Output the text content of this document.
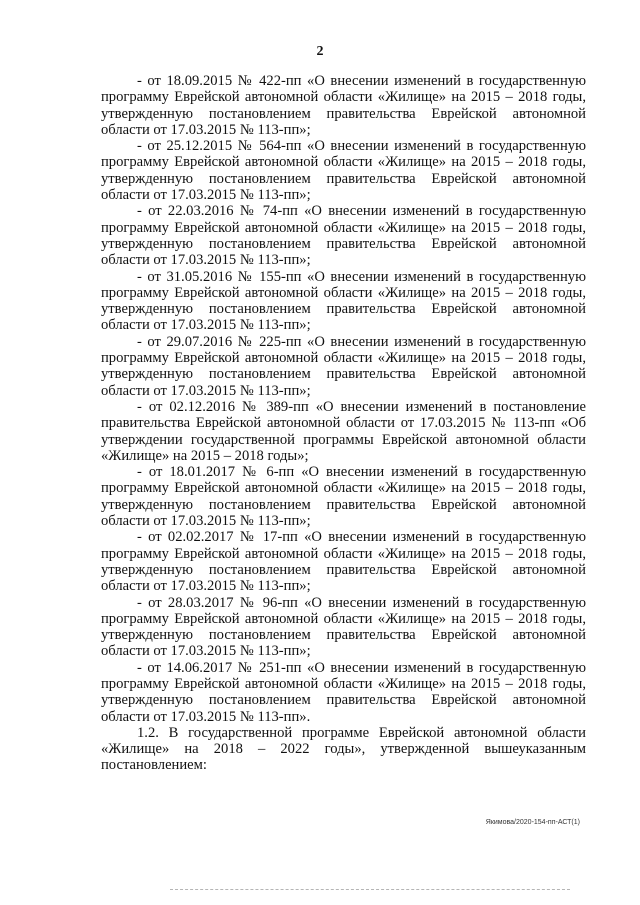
2

- от 18.09.2015 № 422-пп «О внесении изменений в государственную программу Еврейской автономной области «Жилище» на 2015 – 2018 годы, утвержденную постановлением правительства Еврейской автономной области от 17.03.2015 № 113-пп»;

- от 25.12.2015 № 564-пп «О внесении изменений в государственную программу Еврейской автономной области «Жилище» на 2015 – 2018 годы, утвержденную постановлением правительства Еврейской автономной области от 17.03.2015 № 113-пп»;

- от 22.03.2016 № 74-пп «О внесении изменений в государственную программу Еврейской автономной области «Жилище» на 2015 – 2018 годы, утвержденную постановлением правительства Еврейской автономной области от 17.03.2015 № 113-пп»;

- от 31.05.2016 № 155-пп «О внесении изменений в государственную программу Еврейской автономной области «Жилище» на 2015 – 2018 годы, утвержденную постановлением правительства Еврейской автономной области от 17.03.2015 № 113-пп»;

- от 29.07.2016 № 225-пп «О внесении изменений в государственную программу Еврейской автономной области «Жилище» на 2015 – 2018 годы, утвержденную постановлением правительства Еврейской автономной области от 17.03.2015 № 113-пп»;

- от 02.12.2016 № 389-пп «О внесении изменений в постановление правительства Еврейской автономной области от 17.03.2015 № 113-пп «Об утверждении государственной программы Еврейской автономной области «Жилище» на 2015 – 2018 годы»;

- от 18.01.2017 № 6-пп «О внесении изменений в государственную программу Еврейской автономной области «Жилище» на 2015 – 2018 годы, утвержденную постановлением правительства Еврейской автономной области от 17.03.2015 № 113-пп»;

- от 02.02.2017 № 17-пп «О внесении изменений в государственную программу Еврейской автономной области «Жилище» на 2015 – 2018 годы, утвержденную постановлением правительства Еврейской автономной области от 17.03.2015 № 113-пп»;

- от 28.03.2017 № 96-пп «О внесении изменений в государственную программу Еврейской автономной области «Жилище» на 2015 – 2018 годы, утвержденную постановлением правительства Еврейской автономной области от 17.03.2015 № 113-пп»;

- от 14.06.2017 № 251-пп «О внесении изменений в государственную программу Еврейской автономной области «Жилище» на 2015 – 2018 годы, утвержденную постановлением правительства Еврейской автономной области от 17.03.2015 № 113-пп».

1.2. В государственной программе Еврейской автономной области «Жилище» на 2018 – 2022 годы», утвержденной вышеуказанным постановлением:

Якимова/2020-154-пп-АСТ(1)
